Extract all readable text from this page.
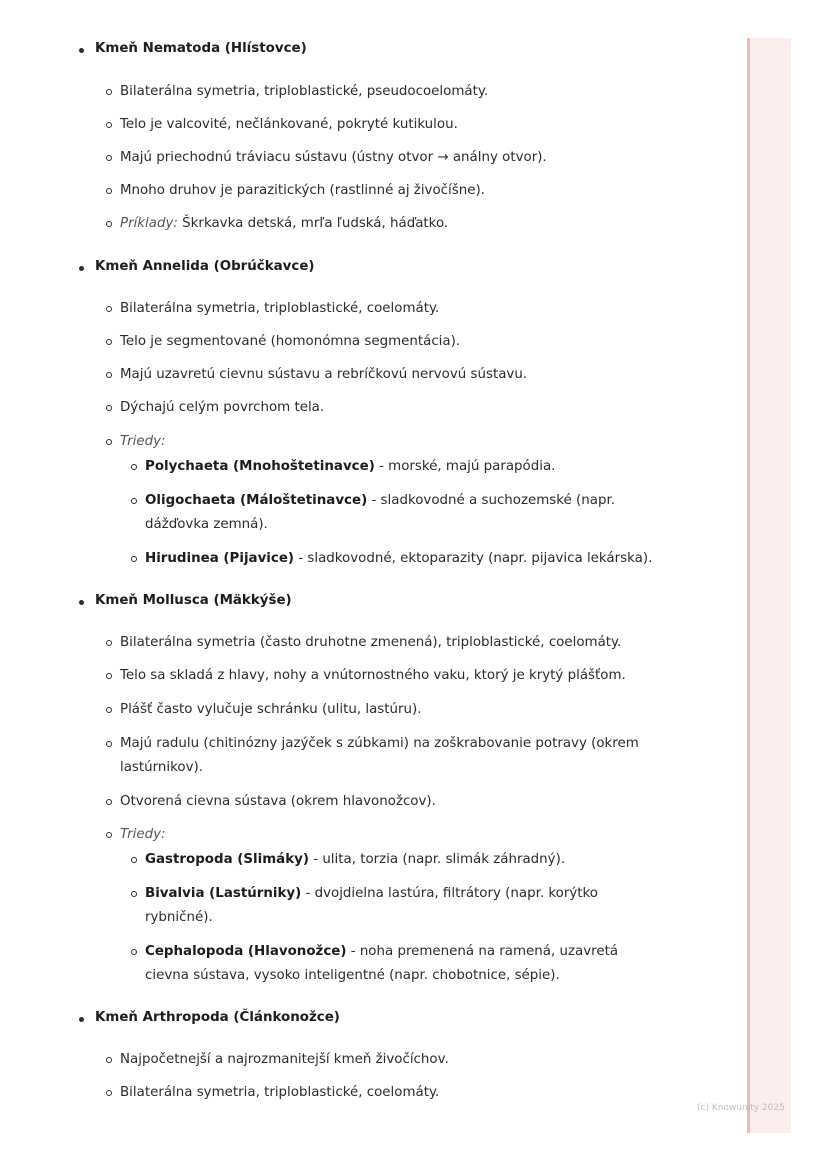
Kmeň Nematoda (Hlístovce)
Bilaterálna symetria, triploblastické, pseudocoelomáty.
Telo je valcovité, nečlánkované, pokryté kutikulou.
Majú priechodnú tráviacu sústavu (ústny otvor → análny otvor).
Mnoho druhov je parazitických (rastlinné aj živočíšne).
Príklady: Škrkavka detská, mrľa ľudská, háďatko.
Kmeň Annelida (Obrúčkavce)
Bilaterálna symetria, triploblastické, coelomáty.
Telo je segmentované (homonómna segmentácia).
Majú uzavretú cievnu sústavu a rebríčkovú nervovú sústavu.
Dýchajú celým povrchom tela.
Triedy:
Polychaeta (Mnohoštetinavce) - morské, majú parapódia.
Oligochaeta (Máloštetinavce) - sladkovodné a suchozemské (napr.
dážďovka zemná).
Hirudinea (Pijavice) - sladkovodné, ektoparazity (napr. pijavica lekárska).
Kmeň Mollusca (Mäkkýše)
Bilaterálna symetria (často druhotne zmenená), triploblastické, coelomáty.
Telo sa skladá z hlavy, nohy a vnútornostného vaku, ktorý je krytý plášťom.
Plášť často vylučuje schránku (ulitu, lastúru).
Majú radulu (chitinózny jazýček s zúbkami) na zoškrabovanie potravy (okrem
lastúrnikov).
Otvorená cievna sústava (okrem hlavonožcov).
Triedy:
Gastropoda (Slimáky) - ulita, torzia (napr. slimák záhradný).
Bivalvia (Lastúrniky) - dvojdielna lastúra, filtrátory (napr. korýtko
rybničné).
Cephalopoda (Hlavonožce) - noha premenená na ramená, uzavretá
cievna sústava, vysoko inteligentné (napr. chobotnice, sépie).
Kmeň Arthropoda (Článkonožce)
Najpočetnejší a najrozmanitejší kmeň živočíchov.
Bilaterálna symetria, triploblastické, coelomáty.
(c) Knowunity 2025
